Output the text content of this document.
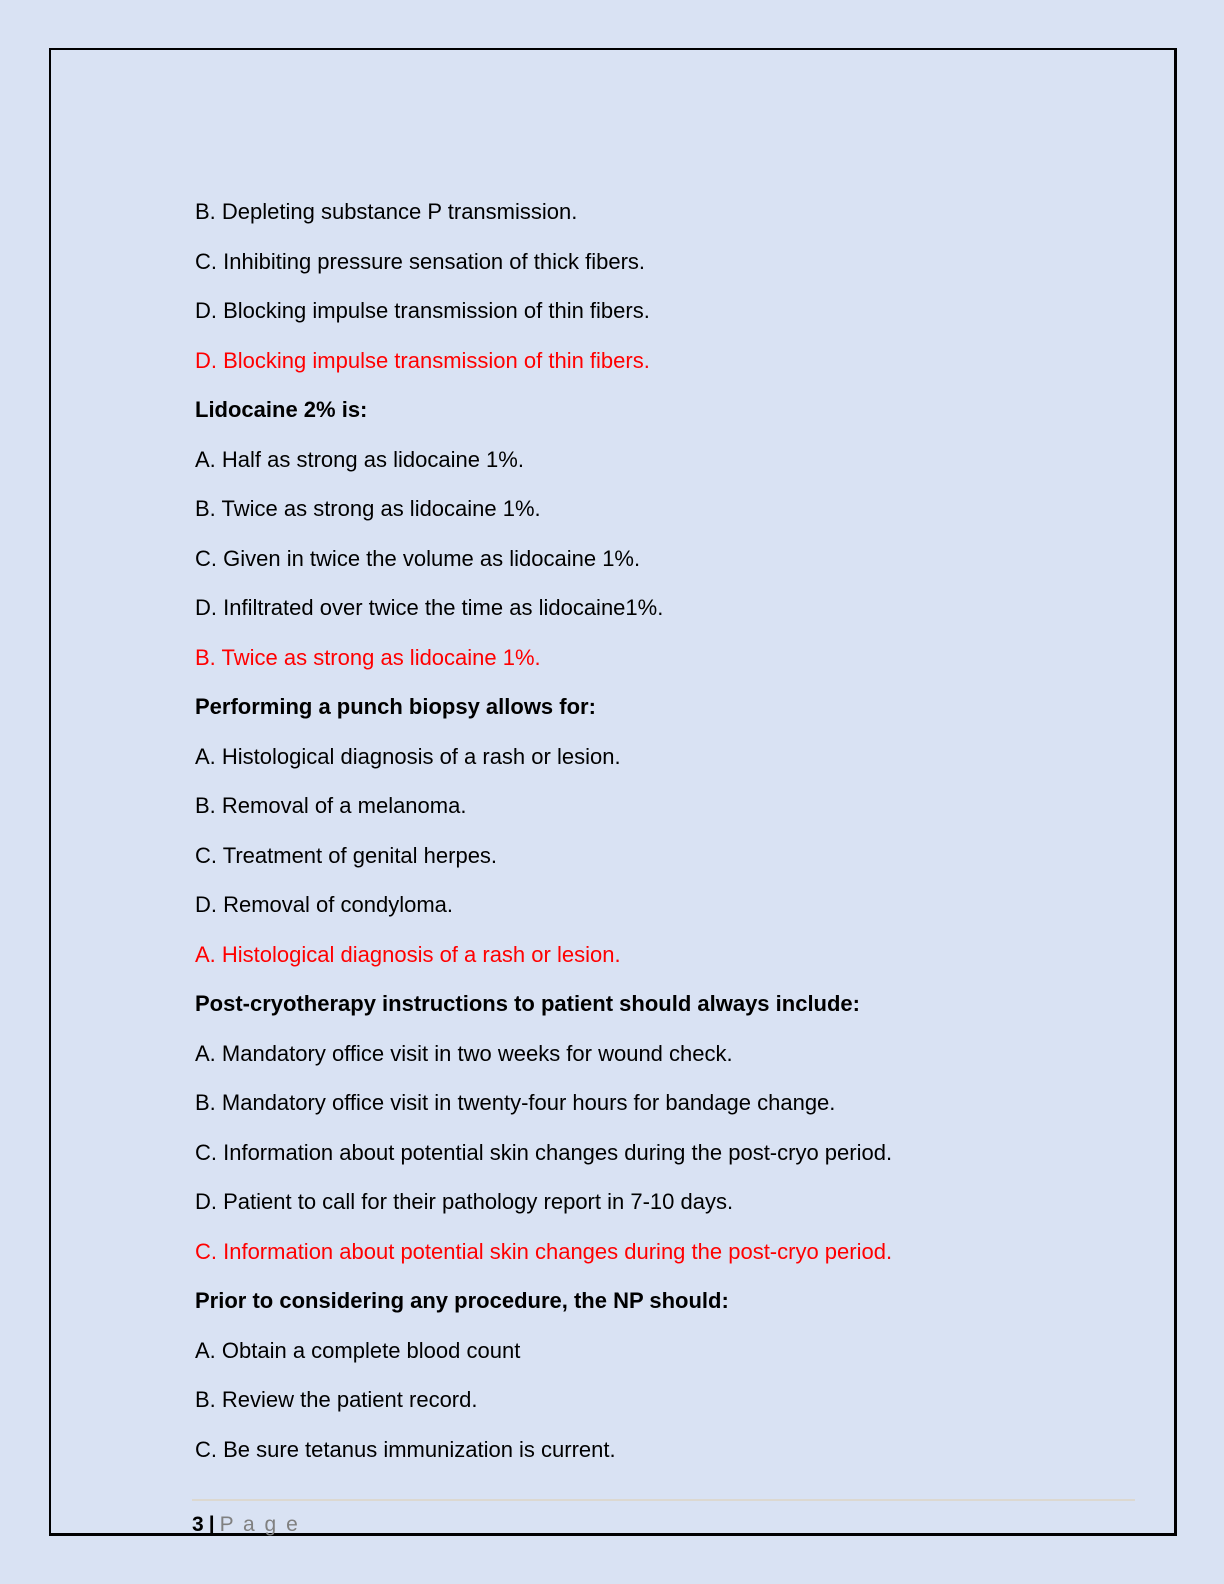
B. Depleting substance P transmission.

C. Inhibiting pressure sensation of thick fibers.

D. Blocking impulse transmission of thin fibers.

D. Blocking impulse transmission of thin fibers.

Lidocaine 2% is:

A. Half as strong as lidocaine 1%.

B. Twice as strong as lidocaine 1%.

C. Given in twice the volume as lidocaine 1%.

D. Infiltrated over twice the time as lidocaine1%.

B. Twice as strong as lidocaine 1%.

Performing a punch biopsy allows for:

A. Histological diagnosis of a rash or lesion.

B. Removal of a melanoma.

C. Treatment of genital herpes.

D. Removal of condyloma.

A. Histological diagnosis of a rash or lesion.

Post-cryotherapy instructions to patient should always include:

A. Mandatory office visit in two weeks for wound check.

B. Mandatory office visit in twenty-four hours for bandage change.

C. Information about potential skin changes during the post-cryo period.

D. Patient to call for their pathology report in 7-10 days.

C. Information about potential skin changes during the post-cryo period.

Prior to considering any procedure, the NP should:

A. Obtain a complete blood count

B. Review the patient record.

C. Be sure tetanus immunization is current.

3 | P a g e
